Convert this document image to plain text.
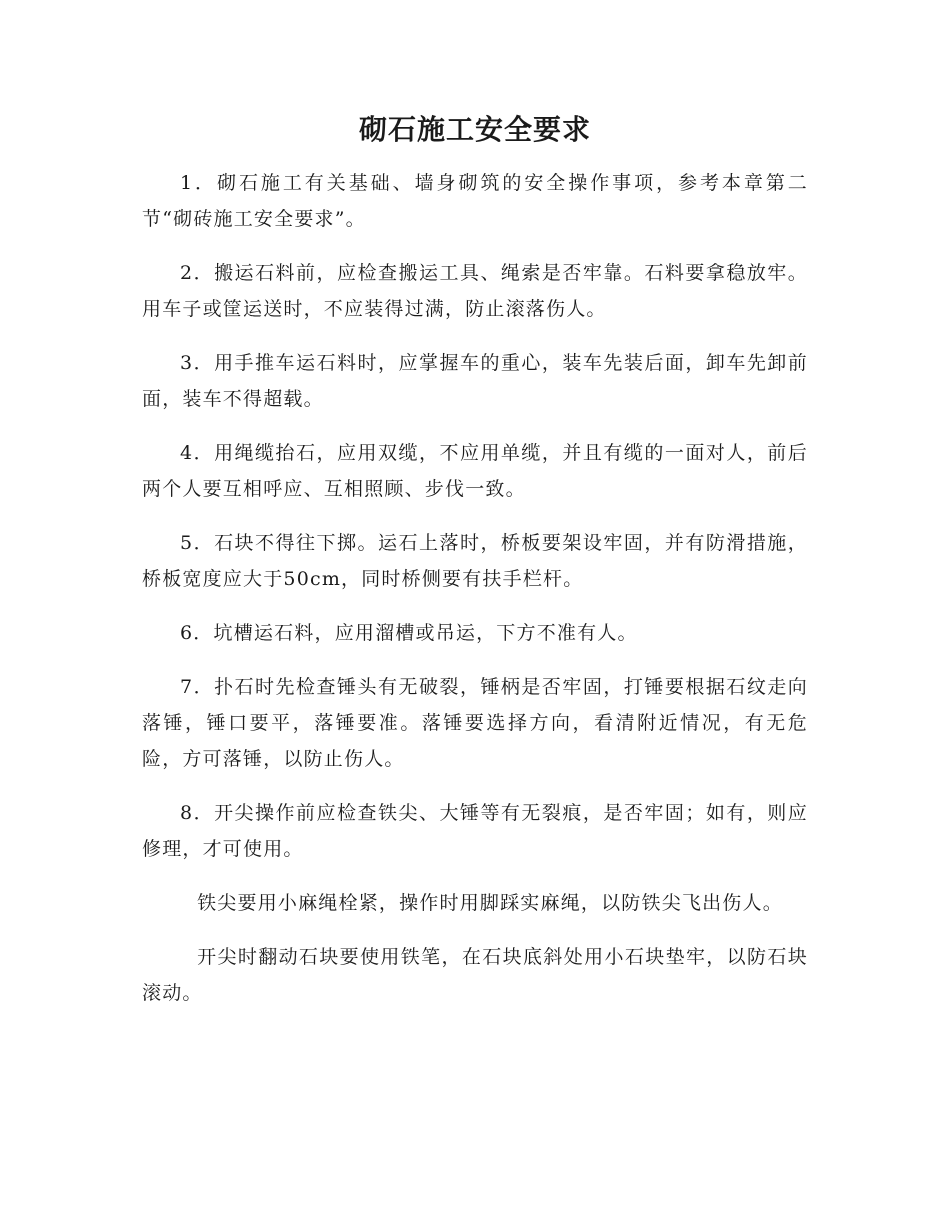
砌石施工安全要求

1．砌石施工有关基础、墙身砌筑的安全操作事项，参考本章第二节“砌砖施工安全要求”。

2．搬运石料前，应检查搬运工具、绳索是否牢靠。石料要拿稳放牢。用车子或筐运送时，不应装得过满，防止滚落伤人。

3．用手推车运石料时，应掌握车的重心，装车先装后面，卸车先卸前面，装车不得超载。

4．用绳缆抬石，应用双缆，不应用单缆，并且有缆的一面对人，前后两个人要互相呼应、互相照顾、步伐一致。

5．石块不得往下掷。运石上落时，桥板要架设牢固，并有防滑措施，桥板宽度应大于50cm，同时桥侧要有扶手栏杆。

6．坑槽运石料，应用溜槽或吊运，下方不准有人。

7．扑石时先检查锤头有无破裂，锤柄是否牢固，打锤要根据石纹走向落锤，锤口要平，落锤要准。落锤要选择方向，看清附近情况，有无危险，方可落锤，以防止伤人。

8．开尖操作前应检查铁尖、大锤等有无裂痕，是否牢固；如有，则应修理，才可使用。

铁尖要用小麻绳栓紧，操作时用脚踩实麻绳，以防铁尖飞出伤人。

开尖时翻动石块要使用铁笔，在石块底斜处用小石块垫牢，以防石块滚动。
